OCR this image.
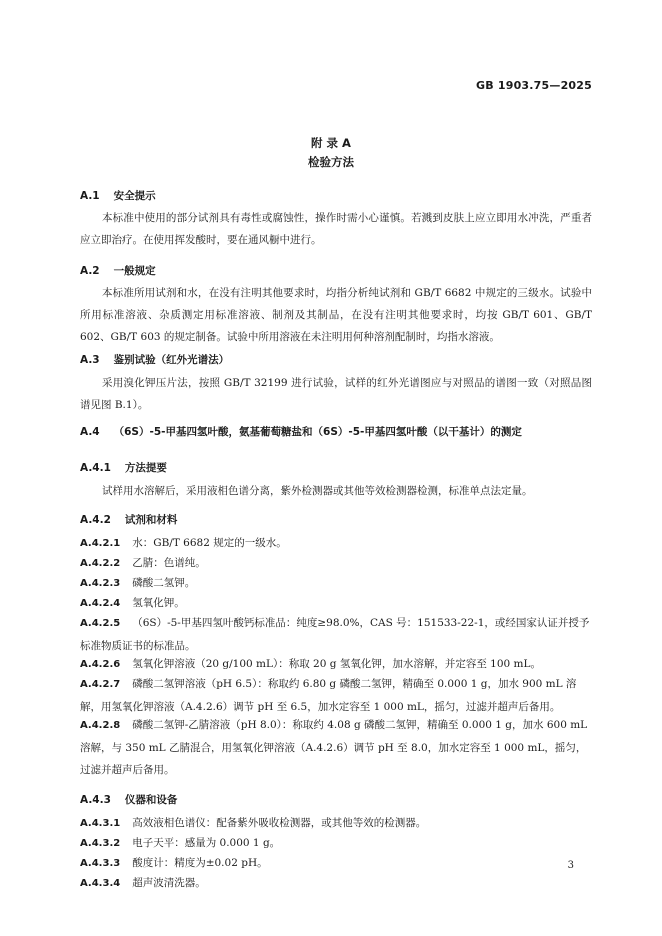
GB 1903.75—2025
附 录 A
检验方法
A.1 安全提示
本标准中使用的部分试剂具有毒性或腐蚀性，操作时需小心谨慎。若溅到皮肤上应立即用水冲洗，严重者应立即治疗。在使用挥发酸时，要在通风橱中进行。
A.2 一般规定
本标准所用试剂和水，在没有注明其他要求时，均指分析纯试剂和 GB/T 6682 中规定的三级水。试验中所用标准溶液、杂质测定用标准溶液、制剂及其制品，在没有注明其他要求时，均按 GB/T 601、GB/T 602、GB/T 603 的规定制备。试验中所用溶液在未注明用何种溶剂配制时，均指水溶液。
A.3 鉴别试验（红外光谱法）
采用溴化钾压片法，按照 GB/T 32199 进行试验，试样的红外光谱图应与对照品的谱图一致（对照品图谱见图 B.1）。
A.4 （6S）-5-甲基四氢叶酸，氨基葡萄糖盐和（6S）-5-甲基四氢叶酸（以干基计）的测定
A.4.1 方法提要
试样用水溶解后，采用液相色谱分离，紫外检测器或其他等效检测器检测，标准单点法定量。
A.4.2 试剂和材料
A.4.2.1 水：GB/T 6682 规定的一级水。
A.4.2.2 乙腈：色谱纯。
A.4.2.3 磷酸二氢钾。
A.4.2.4 氢氧化钾。
A.4.2.5 （6S）-5-甲基四氢叶酸钙标准品：纯度≥98.0%，CAS 号：151533-22-1，或经国家认证并授予标准物质证书的标准品。
A.4.2.6 氢氧化钾溶液（20 g/100 mL）：称取 20 g 氢氧化钾，加水溶解，并定容至 100 mL。
A.4.2.7 磷酸二氢钾溶液（pH 6.5）：称取约 6.80 g 磷酸二氢钾，精确至 0.000 1 g，加水 900 mL 溶解，用氢氧化钾溶液（A.4.2.6）调节 pH 至 6.5，加水定容至 1 000 mL，摇匀，过滤并超声后备用。
A.4.2.8 磷酸二氢钾-乙腈溶液（pH 8.0）：称取约 4.08 g 磷酸二氢钾，精确至 0.000 1 g，加水 600 mL 溶解，与 350 mL 乙腈混合，用氢氧化钾溶液（A.4.2.6）调节 pH 至 8.0，加水定容至 1 000 mL，摇匀，过滤并超声后备用。
A.4.3 仪器和设备
A.4.3.1 高效液相色谱仪：配备紫外吸收检测器，或其他等效的检测器。
A.4.3.2 电子天平：感量为 0.000 1 g。
A.4.3.3 酸度计：精度为±0.02 pH。
A.4.3.4 超声波清洗器。
3
